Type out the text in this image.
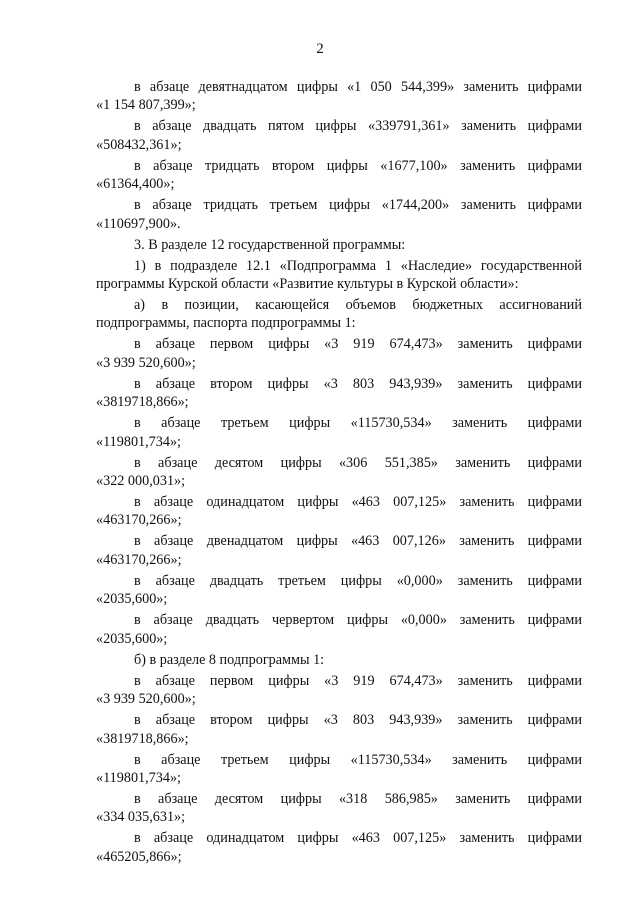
2

в абзаце девятнадцатом цифры «1 050 544,399» заменить цифрами
«1 154 807,399»;

в абзаце двадцать пятом цифры «339791,361» заменить цифрами
«508432,361»;

в абзаце тридцать втором цифры «1677,100» заменить цифрами
«61364,400»;

в абзаце тридцать третьем цифры «1744,200» заменить цифрами
«110697,900».

3. В разделе 12 государственной программы:

1) в подразделе 12.1 «Подпрограмма 1 «Наследие» государственной
программы Курской области «Развитие культуры в Курской области»:

а) в позиции, касающейся объемов бюджетных ассигнований
подпрограммы, паспорта подпрограммы 1:

в абзаце первом цифры «3 919 674,473» заменить цифрами
«3 939 520,600»;

в абзаце втором цифры «3 803 943,939» заменить цифрами
«3819718,866»;

в абзаце третьем цифры «115730,534» заменить цифрами
«119801,734»;

в абзаце десятом цифры «306 551,385» заменить цифрами
«322 000,031»;

в абзаце одинадцатом цифры «463 007,125» заменить цифрами
«463170,266»;

в абзаце двенадцатом цифры «463 007,126» заменить цифрами
«463170,266»;

в абзаце двадцать третьем цифры «0,000» заменить цифрами
«2035,600»;

в абзаце двадцать червертом цифры «0,000» заменить цифрами
«2035,600»;

б) в разделе 8 подпрограммы 1:

в абзаце первом цифры «3 919 674,473» заменить цифрами
«3 939 520,600»;

в абзаце втором цифры «3 803 943,939» заменить цифрами
«3819718,866»;

в абзаце третьем цифры «115730,534» заменить цифрами
«119801,734»;

в абзаце десятом цифры «318 586,985» заменить цифрами
«334 035,631»;

в абзаце одинадцатом цифры «463 007,125» заменить цифрами
«465205,866»;
